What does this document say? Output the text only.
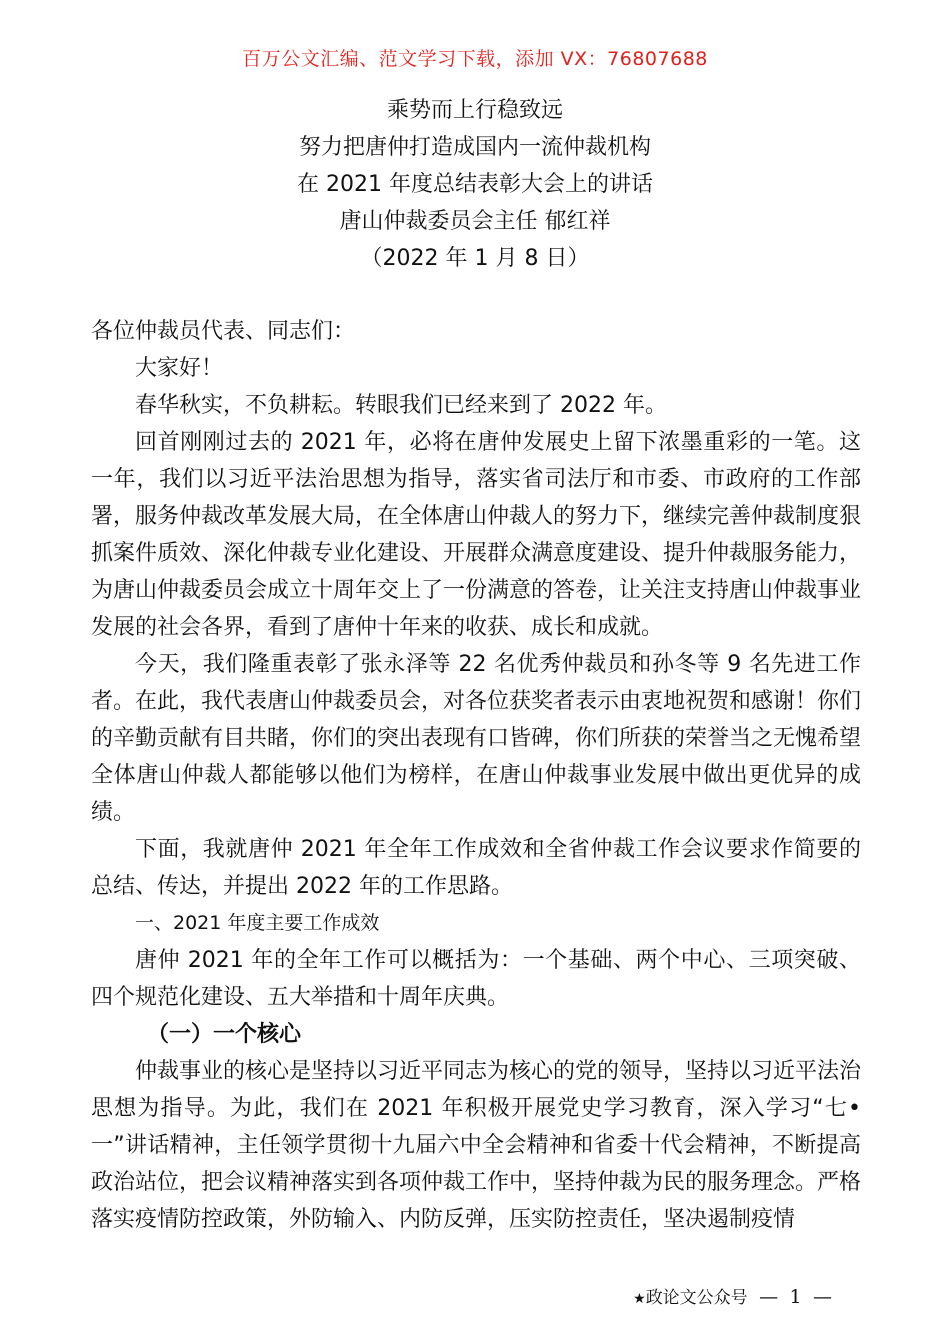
百万公文汇编、范文学习下载，添加 VX：76807688
乘势而上行稳致远
努力把唐仲打造成国内一流仲裁机构
在 2021 年度总结表彰大会上的讲话
唐山仲裁委员会主任 郁红祥
（2022 年 1 月 8 日）

各位仲裁员代表、同志们：

大家好！

春华秋实，不负耕耘。转眼我们已经来到了 2022 年。

回首刚刚过去的 2021 年，必将在唐仲发展史上留下浓墨重彩的一笔。这一年，我们以习近平法治思想为指导，落实省司法厅和市委、市政府的工作部署，服务仲裁改革发展大局，在全体唐山仲裁人的努力下，继续完善仲裁制度狠抓案件质效、深化仲裁专业化建设、开展群众满意度建设、提升仲裁服务能力，为唐山仲裁委员会成立十周年交上了一份满意的答卷，让关注支持唐山仲裁事业发展的社会各界，看到了唐仲十年来的收获、成长和成就。

今天，我们隆重表彰了张永泽等 22 名优秀仲裁员和孙冬等 9 名先进工作者。在此，我代表唐山仲裁委员会，对各位获奖者表示由衷地祝贺和感谢！你们的辛勤贡献有目共睹，你们的突出表现有口皆碑，你们所获的荣誉当之无愧希望全体唐山仲裁人都能够以他们为榜样，在唐山仲裁事业发展中做出更优异的成绩。

下面，我就唐仲 2021 年全年工作成效和全省仲裁工作会议要求作简要的总结、传达，并提出 2022 年的工作思路。

一、2021 年度主要工作成效

唐仲 2021 年的全年工作可以概括为：一个基础、两个中心、三项突破、四个规范化建设、五大举措和十周年庆典。

（一）一个核心

仲裁事业的核心是坚持以习近平同志为核心的党的领导，坚持以习近平法治思想为指导。为此，我们在 2021 年积极开展党史学习教育，深入学习“七•一”讲话精神，主任领学贯彻十九届六中全会精神和省委十代会精神，不断提高政治站位，把会议精神落实到各项仲裁工作中，坚持仲裁为民的服务理念。严格落实疫情防控政策，外防输入、内防反弹，压实防控责任，坚决遏制疫情

★政论文公众号 — 1 —
